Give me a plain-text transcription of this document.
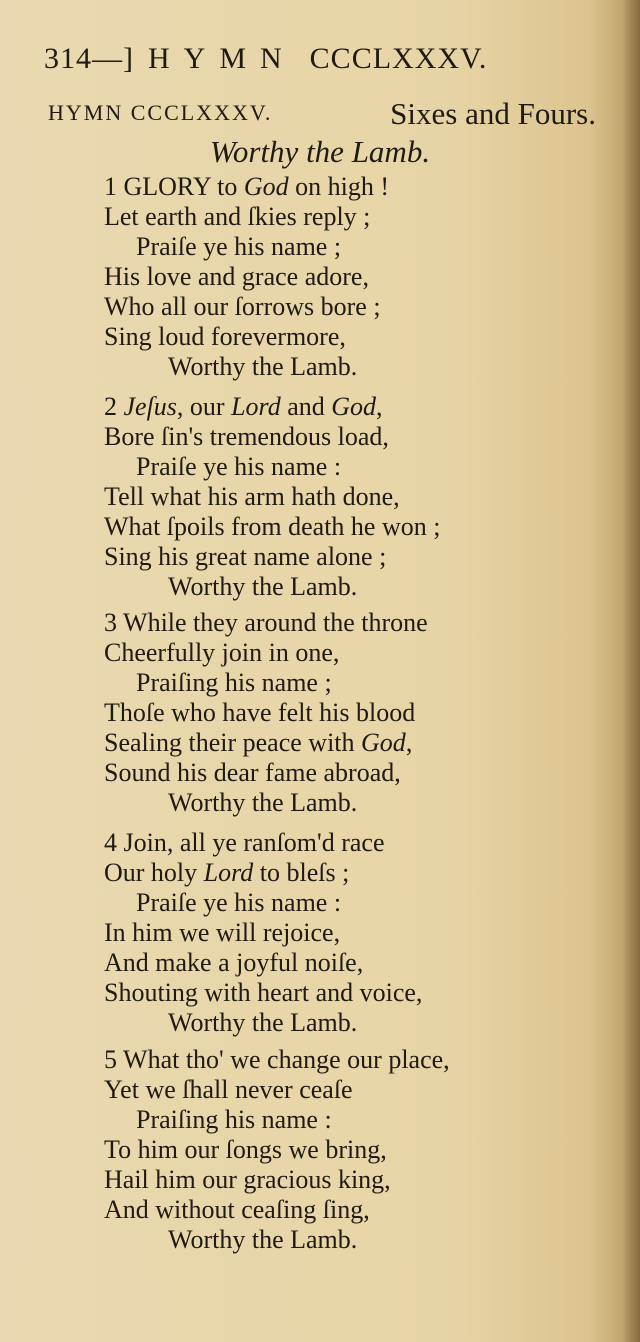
314—] HYMN CCCLXXXV.
HYMN CCCLXXXV.	Sixes and Fours.
Worthy the Lamb.
1 GLORY to God on high !
Let earth and ſkies reply ;
Praiſe ye his name ;
His love and grace adore,
Who all our ſorrows bore ;
Sing loud forevermore,
Worthy the Lamb.
2 Jeſus, our Lord and God,
Bore ſin's tremendous load,
Praiſe ye his name :
Tell what his arm hath done,
What ſpoils from death he won ;
Sing his great name alone ;
Worthy the Lamb.
3 While they around the throne
Cheerfully join in one,
Praiſing his name ;
Thoſe who have felt his blood
Sealing their peace with God,
Sound his dear fame abroad,
Worthy the Lamb.
4 Join, all ye ranſom'd race
Our holy Lord to bleſs ;
Praiſe ye his name :
In him we will rejoice,
And make a joyful noiſe,
Shouting with heart and voice,
Worthy the Lamb.
5 What tho' we change our place,
Yet we ſhall never ceaſe
Praiſing his name :
To him our ſongs we bring,
Hail him our gracious king,
And without ceaſing ſing,
Worthy the Lamb.
